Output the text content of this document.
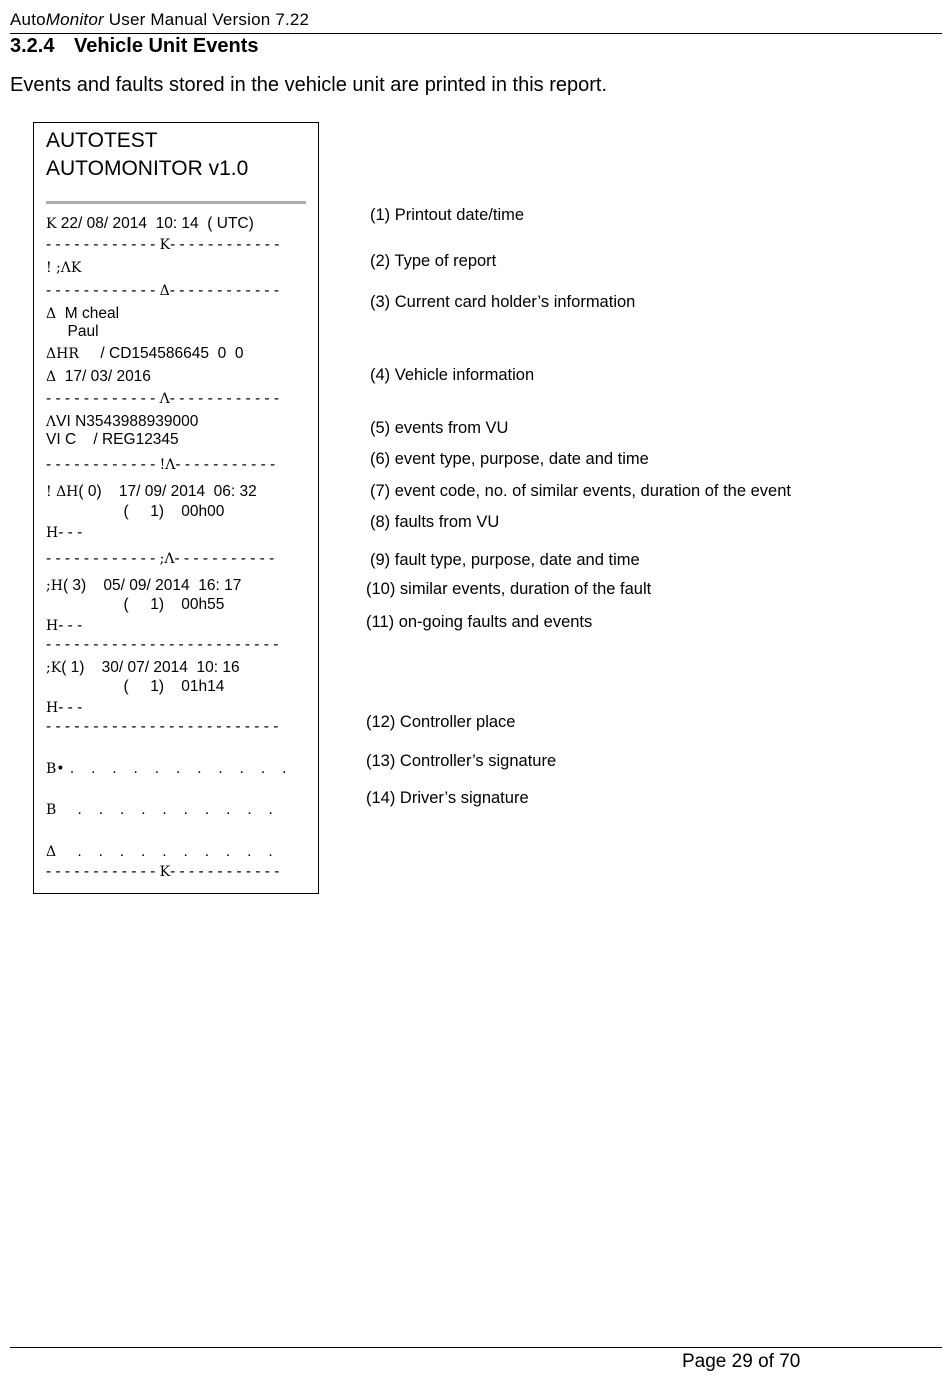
AutoMonitor User Manual Version 7.22
3.2.4 Vehicle Unit Events
Events and faults stored in the vehicle unit are printed in this report.
AUTOTEST
AUTOMONITOR v1.0
K 22/ 08/ 2014  10: 14  ( UTC)
- - - - - - - - - - - - K- - - - - - - - - - - -
! ;ΛK
- - - - - - - - - - - - Δ- - - - - - - - - - - -
Δ  M cheal
Paul
ΔHR     / CD154586645  0  0
Δ  17/ 03/ 2016
- - - - - - - - - - - - Λ- - - - - - - - - - - -
ΛVI N3543988939000
VI C    / REG12345
- - - - - - - - - - - - !Λ- - - - - - - - - - -
! ΔH( 0)    17/ 09/ 2014  06: 32
(     1)    00h00
H- - -
- - - - - - - - - - - - ;Λ- - - - - - - - - - -
;H( 3)    05/ 09/ 2014  16: 17
(     1)    00h55
H- - -
- - - - - - - - - - - - - - - - - - - - - - - - -
;K( 1)    30/ 07/ 2014  10: 16
(     1)    01h14
H- - -
- - - - - - - - - - - - - - - - - - - - - - - - -
B• .   .   .   .   .   .   .   .   .   .   .
B    .   .   .   .   .   .   .   .   .   .
Δ    .   .   .   .   .   .   .   .   .   .
- - - - - - - - - - - - K- - - - - - - - - - - -
(1) Printout date/time
(2) Type of report
(3) Current card holder’s information
(4) Vehicle information
(5) events from VU
(6) event type, purpose, date and time
(7) event code, no. of similar events, duration of the event
(8) faults from VU
(9) fault type, purpose, date and time
(10) similar events, duration of the fault
(11) on-going faults and events
(12) Controller place
(13) Controller’s signature
(14) Driver’s signature
Page 29 of 70
